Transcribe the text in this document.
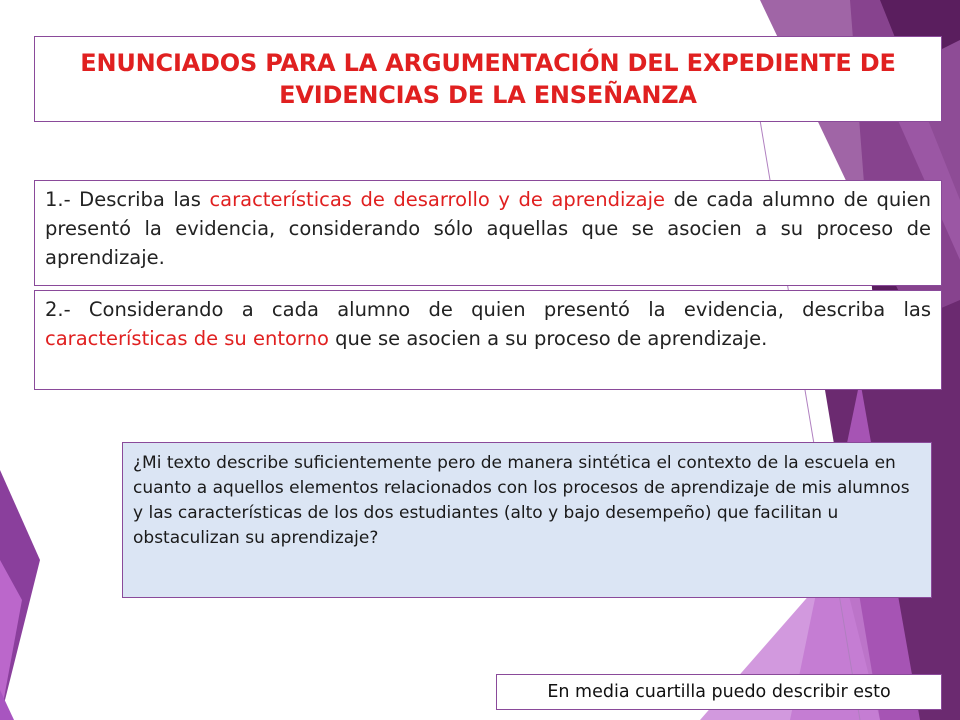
ENUNCIADOS PARA LA ARGUMENTACIÓN DEL EXPEDIENTE DE
EVIDENCIAS DE LA ENSEÑANZA
1.- Describa las características de desarrollo y de aprendizaje de cada alumno de quien presentó la evidencia, considerando sólo aquellas que se asocien a su proceso de aprendizaje.
2.- Considerando a cada alumno de quien presentó la evidencia, describa las características de su entorno que se asocien a su proceso de aprendizaje.
¿Mi texto describe suficientemente pero de manera sintética el contexto de la escuela en cuanto a aquellos elementos relacionados con los procesos de aprendizaje de mis alumnos y las características de los dos estudiantes (alto y bajo desempeño) que facilitan u obstaculizan su aprendizaje?
En media cuartilla puedo describir esto
